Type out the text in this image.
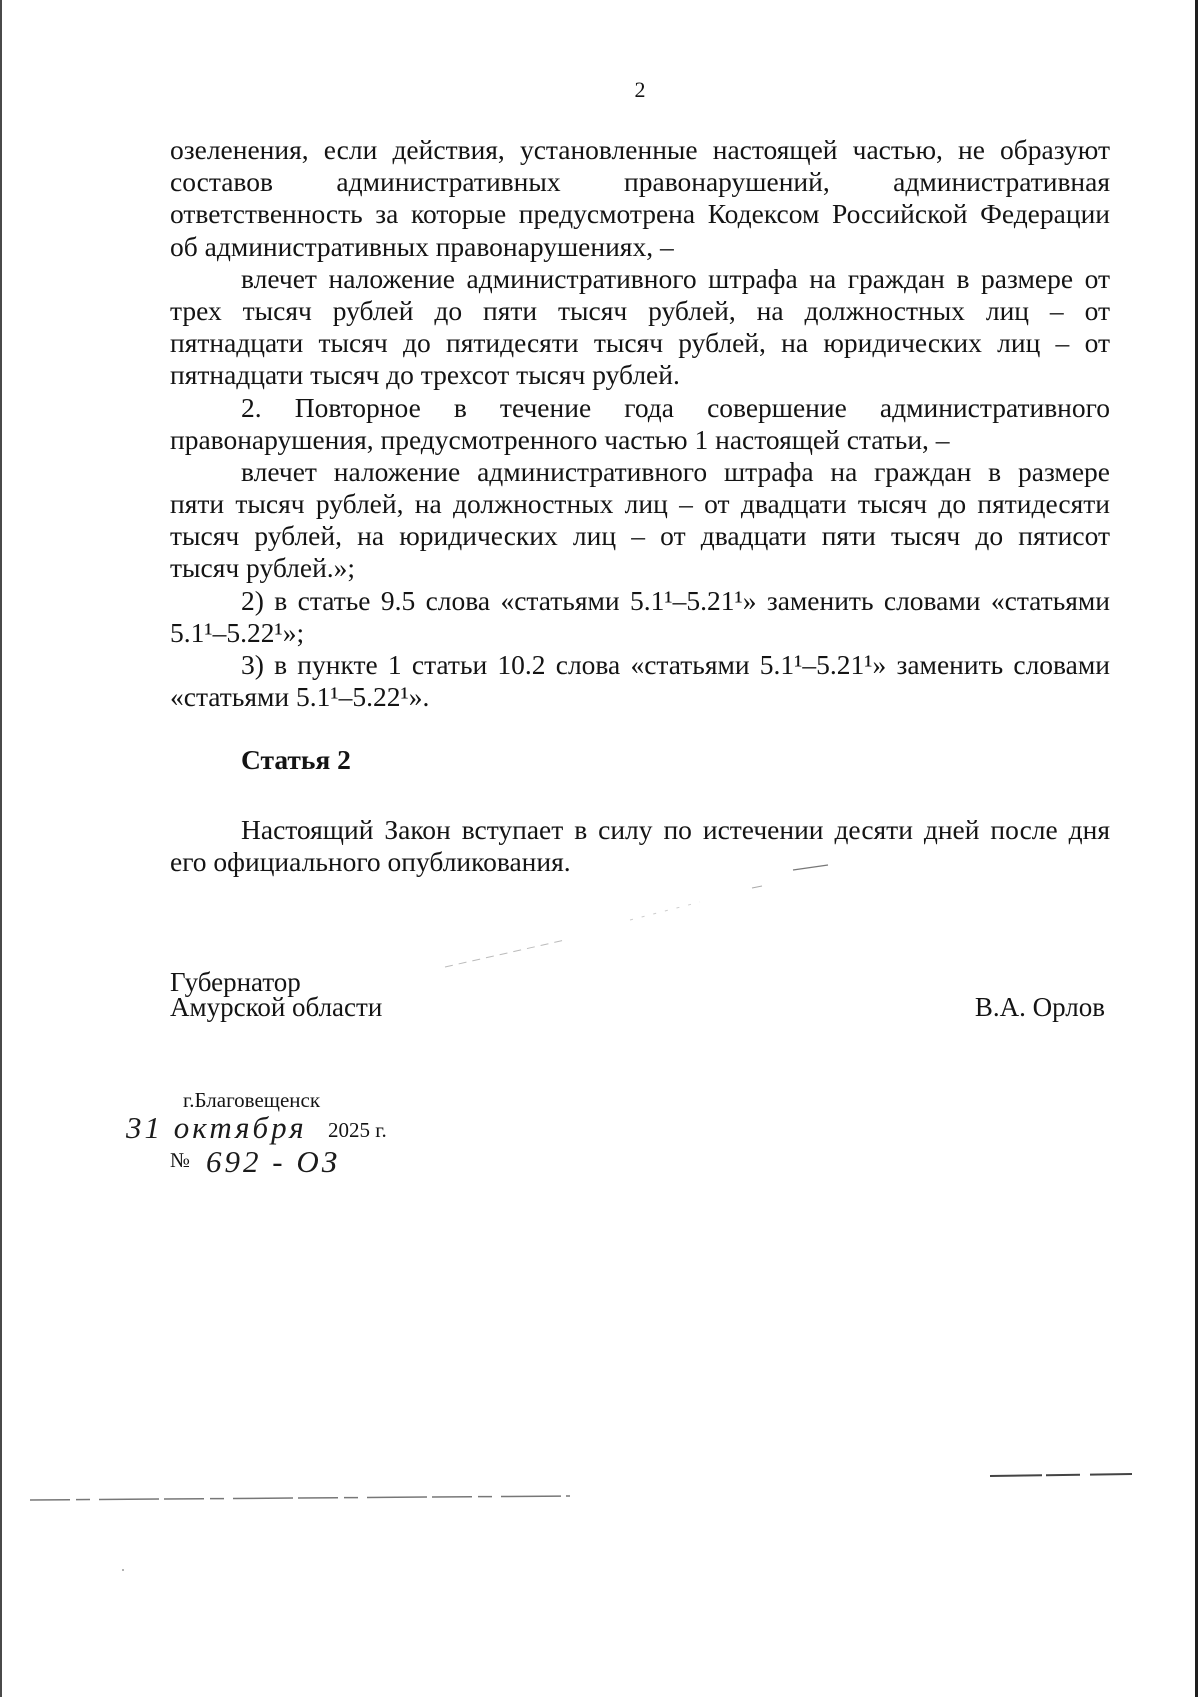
2
озеленения, если действия, установленные настоящей частью, не образуют
составов административных правонарушений, административная
ответственность за которые предусмотрена Кодексом Российской Федерации
об административных правонарушениях, –
влечет наложение административного штрафа на граждан в размере от
трех тысяч рублей до пяти тысяч рублей, на должностных лиц – от
пятнадцати тысяч до пятидесяти тысяч рублей, на юридических лиц – от
пятнадцати тысяч до трехсот тысяч рублей.
2. Повторное в течение года совершение административного
правонарушения, предусмотренного частью 1 настоящей статьи, –
влечет наложение административного штрафа на граждан в размере
пяти тысяч рублей, на должностных лиц – от двадцати тысяч до пятидесяти
тысяч рублей, на юридических лиц – от двадцати пяти тысяч до пятисот
тысяч рублей.»;
2) в статье 9.5 слова «статьями 5.1¹–5.21¹» заменить словами «статьями
5.1¹–5.22¹»;
3) в пункте 1 статьи 10.2 слова «статьями 5.1¹–5.21¹» заменить словами
«статьями 5.1¹–5.22¹».
Статья 2
Настоящий Закон вступает в силу по истечении десяти дней после дня
его официального опубликования.
Губернатор
Амурской области	В.А. Орлов
г.Благовещенск
31 октября 2025 г.
№ 692 - ОЗ
